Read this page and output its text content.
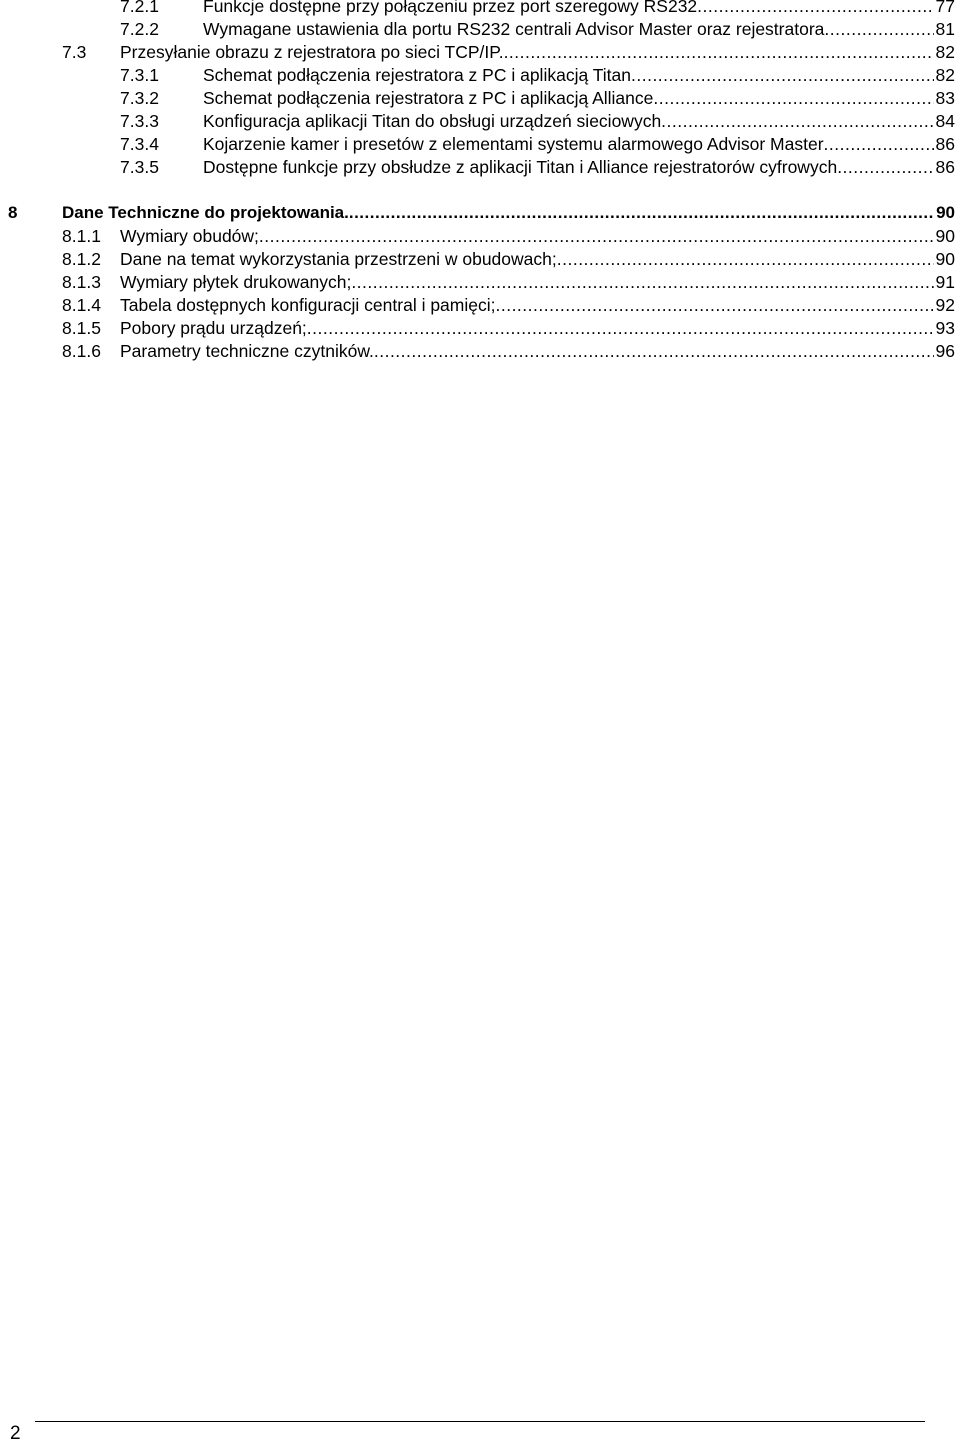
7.2.1	Funkcje dostępne przy połączeniu przez port szeregowy RS232 .....	77
7.2.2	Wymagane ustawienia dla portu RS232 centrali Advisor Master oraz rejestratora .....	81
7.3 Przesyłanie obrazu z rejestratora po sieci TCP/IP. .....	82
7.3.1	Schemat podłączenia rejestratora z PC i aplikacją Titan .....	82
7.3.2	Schemat podłączenia rejestratora z PC i aplikacją Alliance .....	83
7.3.3	Konfiguracja aplikacji Titan do obsługi urządzeń sieciowych .....	84
7.3.4	Kojarzenie kamer i presetów z elementami systemu alarmowego Advisor Master .....	86
7.3.5	Dostępne funkcje przy obsłudze z aplikacji Titan i Alliance rejestratorów cyfrowych .....	86
8	Dane Techniczne do projektowania. .....	90
8.1.1 Wymiary obudów; .....	90
8.1.2 Dane na temat wykorzystania przestrzeni w obudowach; .....	90
8.1.3 Wymiary płytek drukowanych; .....	91
8.1.4 Tabela dostępnych konfiguracji central i pamięci; .....	92
8.1.5 Pobory prądu urządzeń; .....	93
8.1.6 Parametry techniczne czytników. .....	96
2
